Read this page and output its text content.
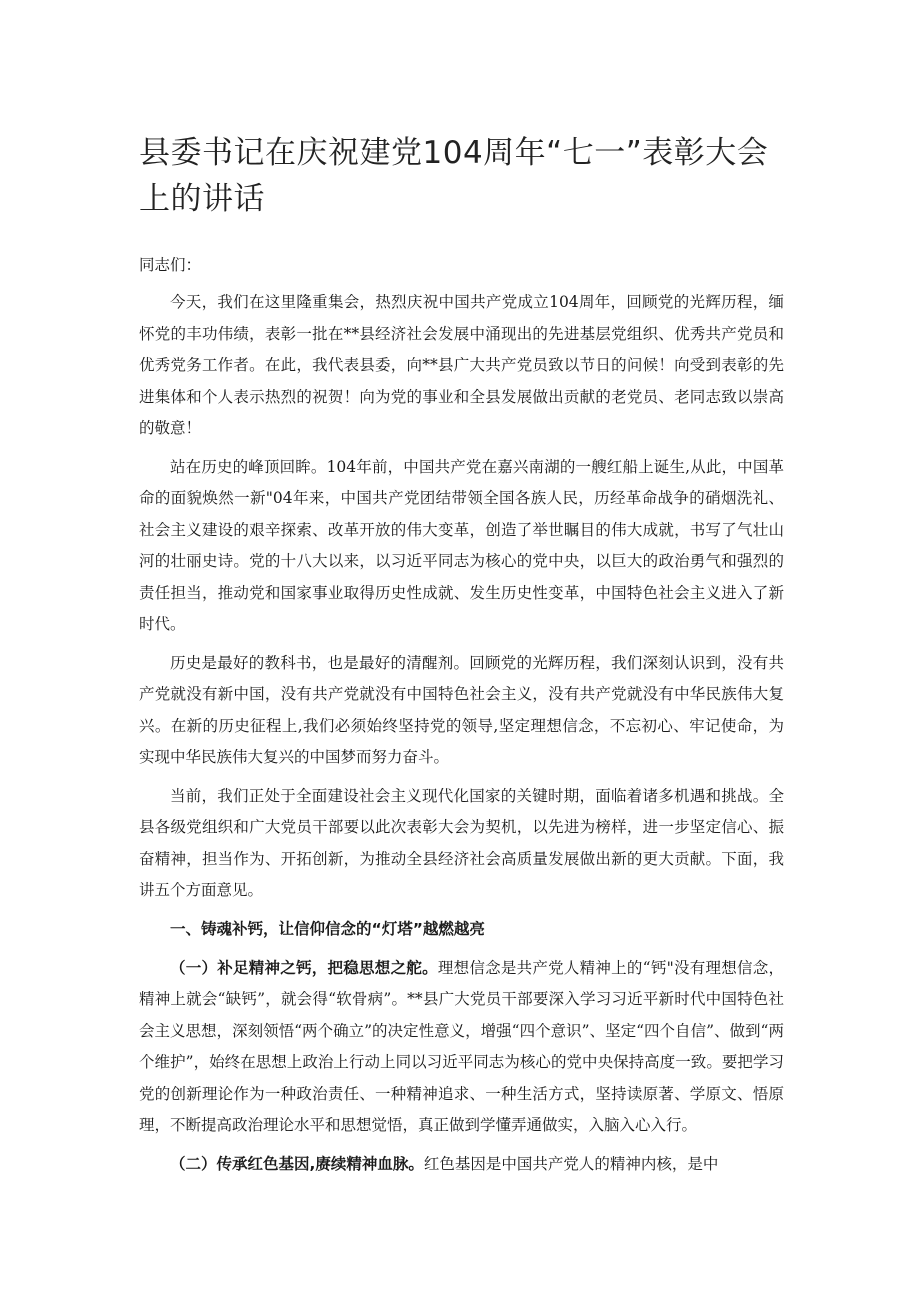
县委书记在庆祝建党104周年“七一”表彰大会上的讲话

同志们：

今天，我们在这里隆重集会，热烈庆祝中国共产党成立104周年，回顾党的光辉历程，缅怀党的丰功伟绩，表彰一批在**县经济社会发展中涌现出的先进基层党组织、优秀共产党员和优秀党务工作者。在此，我代表县委，向**县广大共产党员致以节日的问候！向受到表彰的先进集体和个人表示热烈的祝贺！向为党的事业和全县发展做出贡献的老党员、老同志致以崇高的敬意！

站在历史的峰顶回眸。104年前，中国共产党在嘉兴南湖的一艘红船上诞生,从此，中国革命的面貌焕然一新"04年来，中国共产党团结带领全国各族人民，历经革命战争的硝烟洗礼、社会主义建设的艰辛探索、改革开放的伟大变革，创造了举世瞩目的伟大成就，书写了气壮山河的壮丽史诗。党的十八大以来，以习近平同志为核心的党中央，以巨大的政治勇气和强烈的责任担当，推动党和国家事业取得历史性成就、发生历史性变革，中国特色社会主义进入了新时代。

历史是最好的教科书，也是最好的清醒剂。回顾党的光辉历程，我们深刻认识到，没有共产党就没有新中国，没有共产党就没有中国特色社会主义，没有共产党就没有中华民族伟大复兴。在新的历史征程上,我们必须始终坚持党的领导,坚定理想信念，不忘初心、牢记使命，为实现中华民族伟大复兴的中国梦而努力奋斗。

当前，我们正处于全面建设社会主义现代化国家的关键时期，面临着诸多机遇和挑战。全县各级党组织和广大党员干部要以此次表彰大会为契机，以先进为榜样，进一步坚定信心、振奋精神，担当作为、开拓创新，为推动全县经济社会高质量发展做出新的更大贡献。下面，我讲五个方面意见。

一、铸魂补钙，让信仰信念的“灯塔”越燃越亮

（一）补足精神之钙，把稳思想之舵。理想信念是共产党人精神上的“钙"没有理想信念，精神上就会“缺钙”，就会得“软骨病”。**县广大党员干部要深入学习习近平新时代中国特色社会主义思想，深刻领悟“两个确立”的决定性意义，增强“四个意识”、坚定“四个自信”、做到“两个维护”，始终在思想上政治上行动上同以习近平同志为核心的党中央保持高度一致。要把学习党的创新理论作为一种政治责任、一种精神追求、一种生活方式，坚持读原著、学原文、悟原理，不断提高政治理论水平和思想觉悟，真正做到学懂弄通做实，入脑入心入行。

（二）传承红色基因,赓续精神血脉。红色基因是中国共产党人的精神内核，是中
